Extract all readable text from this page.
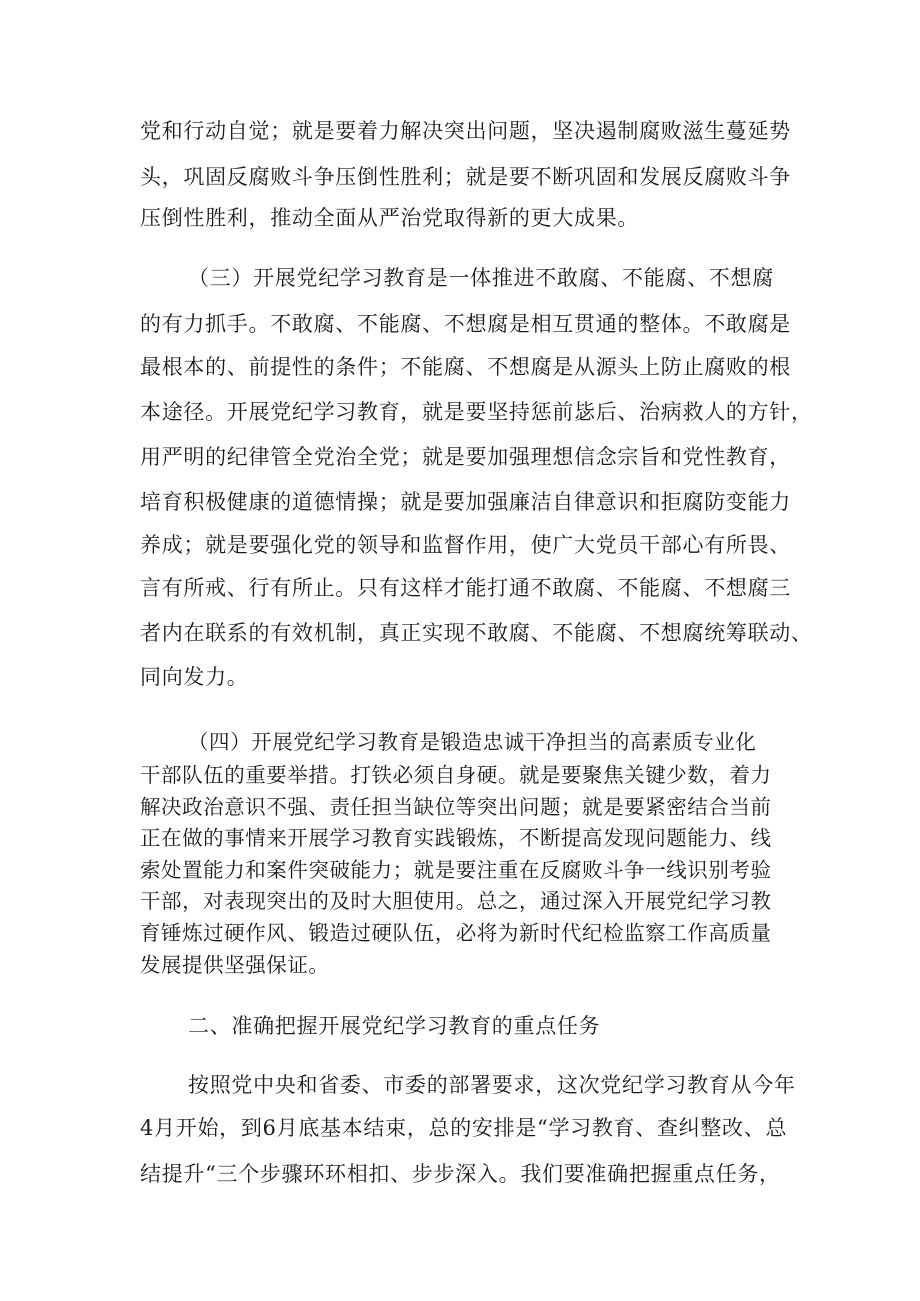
党和行动自觉；就是要着力解决突出问题，坚决遏制腐败滋生蔓延势
头，巩固反腐败斗争压倒性胜利；就是要不断巩固和发展反腐败斗争
压倒性胜利，推动全面从严治党取得新的更大成果。
（三）开展党纪学习教育是一体推进不敢腐、不能腐、不想腐
的有力抓手。不敢腐、不能腐、不想腐是相互贯通的整体。不敢腐是
最根本的、前提性的条件；不能腐、不想腐是从源头上防止腐败的根
本途径。开展党纪学习教育，就是要坚持惩前毖后、治病救人的方针，
用严明的纪律管全党治全党；就是要加强理想信念宗旨和党性教育，
培育积极健康的道德情操；就是要加强廉洁自律意识和拒腐防变能力
养成；就是要强化党的领导和监督作用，使广大党员干部心有所畏、
言有所戒、行有所止。只有这样才能打通不敢腐、不能腐、不想腐三
者内在联系的有效机制，真正实现不敢腐、不能腐、不想腐统筹联动、
同向发力。
（四）开展党纪学习教育是锻造忠诚干净担当的高素质专业化
干部队伍的重要举措。打铁必须自身硬。就是要聚焦关键少数，着力
解决政治意识不强、责任担当缺位等突出问题；就是要紧密结合当前
正在做的事情来开展学习教育实践锻炼，不断提高发现问题能力、线
索处置能力和案件突破能力；就是要注重在反腐败斗争一线识别考验
干部，对表现突出的及时大胆使用。总之，通过深入开展党纪学习教
育锤炼过硬作风、锻造过硬队伍，必将为新时代纪检监察工作高质量
发展提供坚强保证。
二、准确把握开展党纪学习教育的重点任务
按照党中央和省委、市委的部署要求，这次党纪学习教育从今年
4月开始，到6月底基本结束，总的安排是“学习教育、查纠整改、总
结提升“三个步骤环环相扣、步步深入。我们要准确把握重点任务，
